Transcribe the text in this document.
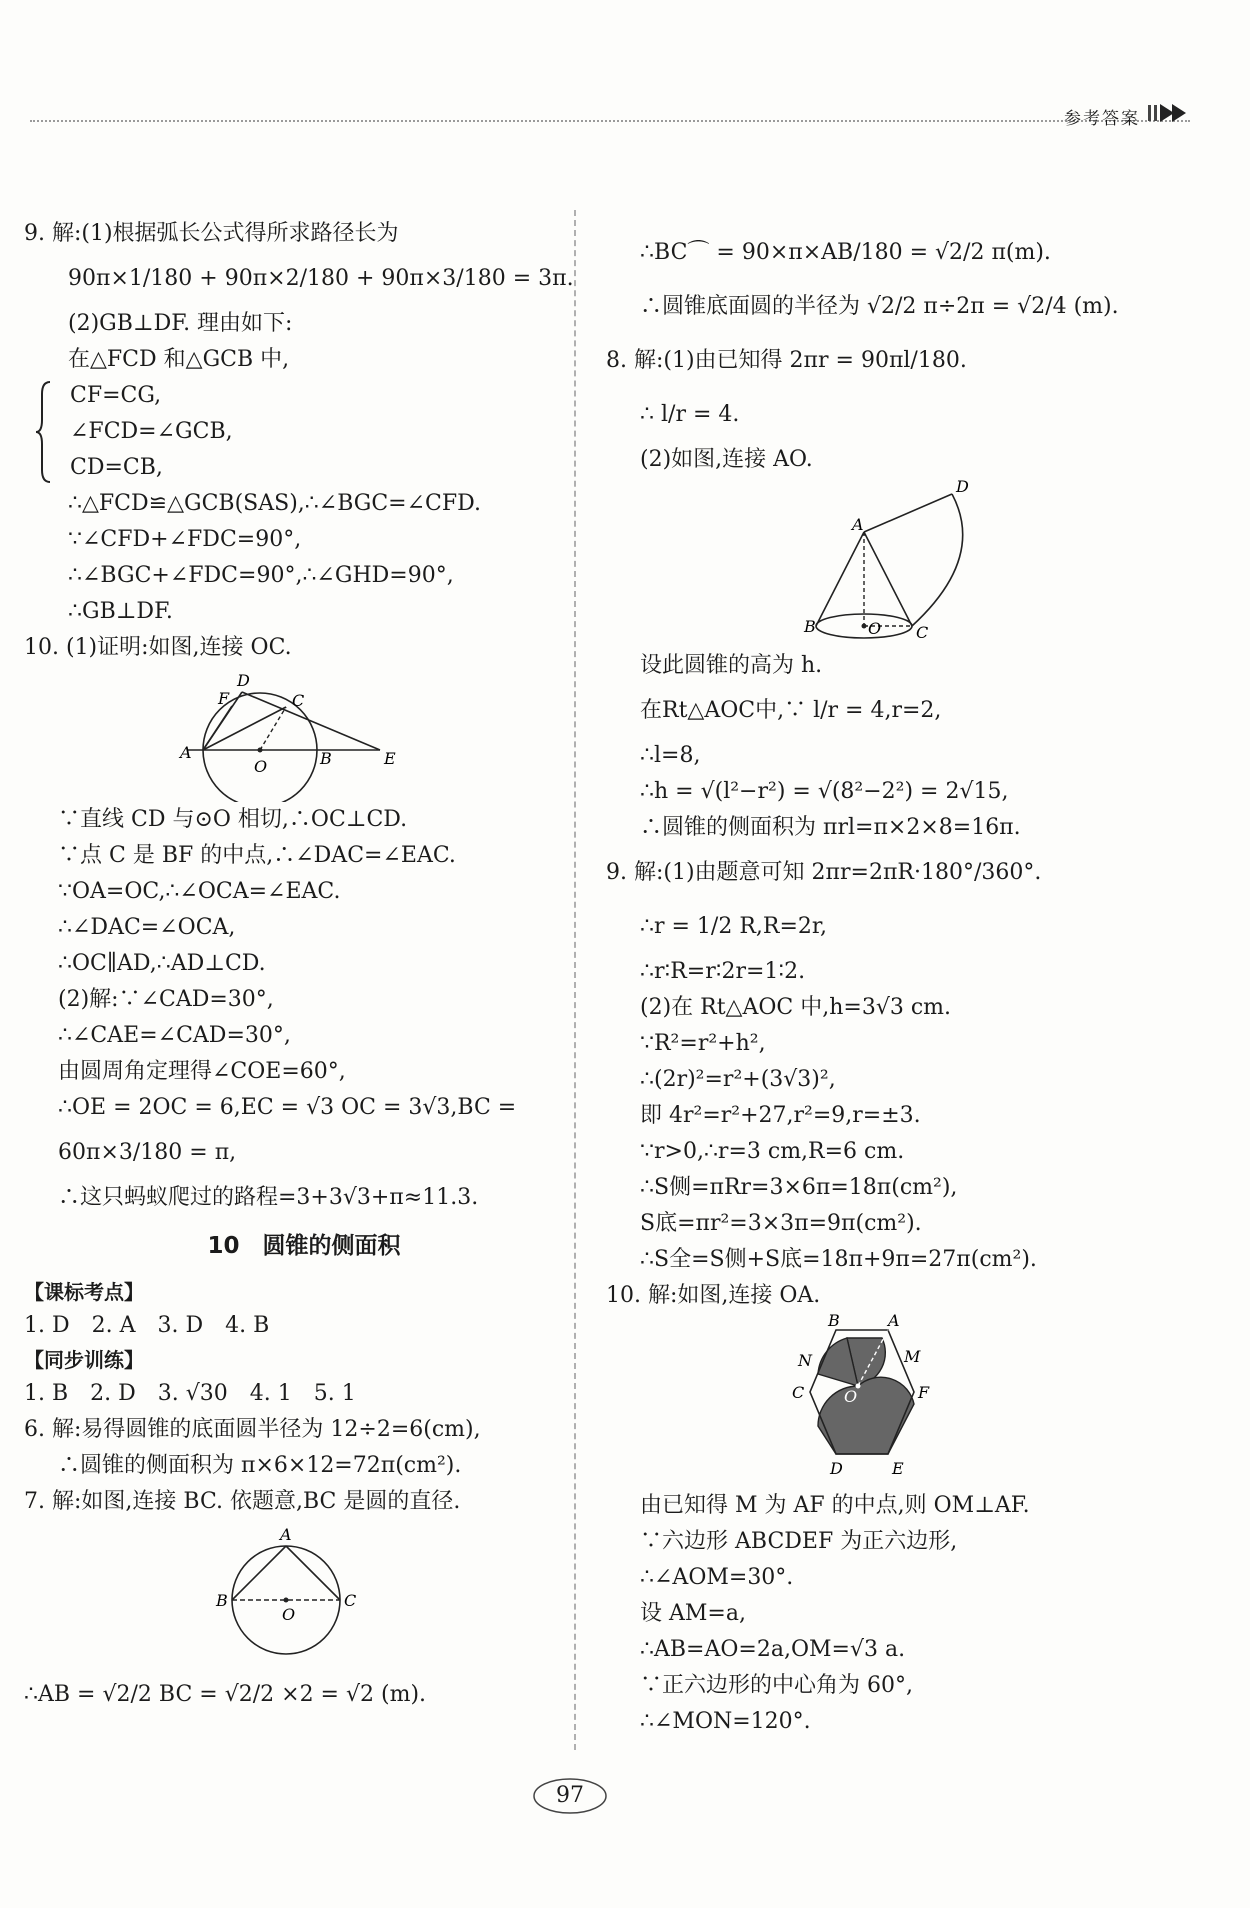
参考答案
9. 解:(1)根据弧长公式得所求路径长为
90π×1/180 + 90π×2/180 + 90π×3/180 = 3π.
(2)GB⊥DF. 理由如下:
在△FCD 和△GCB 中,
CF=CG,
∠FCD=∠GCB,
CD=CB,
∴△FCD≌△GCB(SAS),∴∠BGC=∠CFD.
∵∠CFD+∠FDC=90°,
∴∠BGC+∠FDC=90°,∴∠GHD=90°,
∴GB⊥DF.
10. (1)证明:如图,连接 OC.
D
F	C
A
O	B	E
∵直线 CD 与⊙O 相切,∴OC⊥CD.
∵点 C 是 BF 的中点,∴∠DAC=∠EAC.
∵OA=OC,∴∠OCA=∠EAC.
∴∠DAC=∠OCA,
∴OC∥AD,∴AD⊥CD.
(2)解:∵∠CAD=30°,
∴∠CAE=∠CAD=30°,
由圆周角定理得∠COE=60°,
∴OE = 2OC = 6,EC = √3 OC = 3√3,BC =
60π×3/180 = π,
∴这只蚂蚁爬过的路程=3+3√3+π≈11.3.
10　圆锥的侧面积
【课标考点】
1. D　2. A　3. D　4. B
【同步训练】
1. B　2. D　3. √30　4. 1　5. 1
6. 解:易得圆锥的底面圆半径为 12÷2=6(cm),
∴圆锥的侧面积为 π×6×12=72π(cm²).
7. 解:如图,连接 BC. 依题意,BC 是圆的直径.
A
B
O
C
∴AB = √2/2 BC = √2/2 ×2 = √2 (m).
∴BC⌒ = 90×π×AB/180 = √2/2 π(m).
∴圆锥底面圆的半径为 √2/2 π÷2π = √2/4 (m).
8. 解:(1)由已知得 2πr = 90πl/180.
∴ l/r = 4.
(2)如图,连接 AO.
D
A
B	O C
设此圆锥的高为 h.
在Rt△AOC中,∵ l/r = 4,r=2,
∴l=8,
∴h = √(l²−r²) = √(8²−2²) = 2√15,
∴圆锥的侧面积为 πrl=π×2×8=16π.
9. 解:(1)由题意可知 2πr=2πR·180°/360°.
∴r = 1/2 R,R=2r,
∴r∶R=r∶2r=1∶2.
(2)在 Rt△AOC 中,h=3√3 cm.
∵R²=r²+h²,
∴(2r)²=r²+(3√3)²,
即 4r²=r²+27,r²=9,r=±3.
∵r>0,∴r=3 cm,R=6 cm.
∴S侧=πRr=3×6π=18π(cm²),
S底=πr²=3×3π=9π(cm²).
∴S全=S侧+S底=18π+9π=27π(cm²).
10. 解:如图,连接 OA.
B	A
N	M
C O	F
D	E
由已知得 M 为 AF 的中点,则 OM⊥AF.
∵六边形 ABCDEF 为正六边形,
∴∠AOM=30°.
设 AM=a,
∴AB=AO=2a,OM=√3 a.
∵正六边形的中心角为 60°,
∴∠MON=120°.
97
